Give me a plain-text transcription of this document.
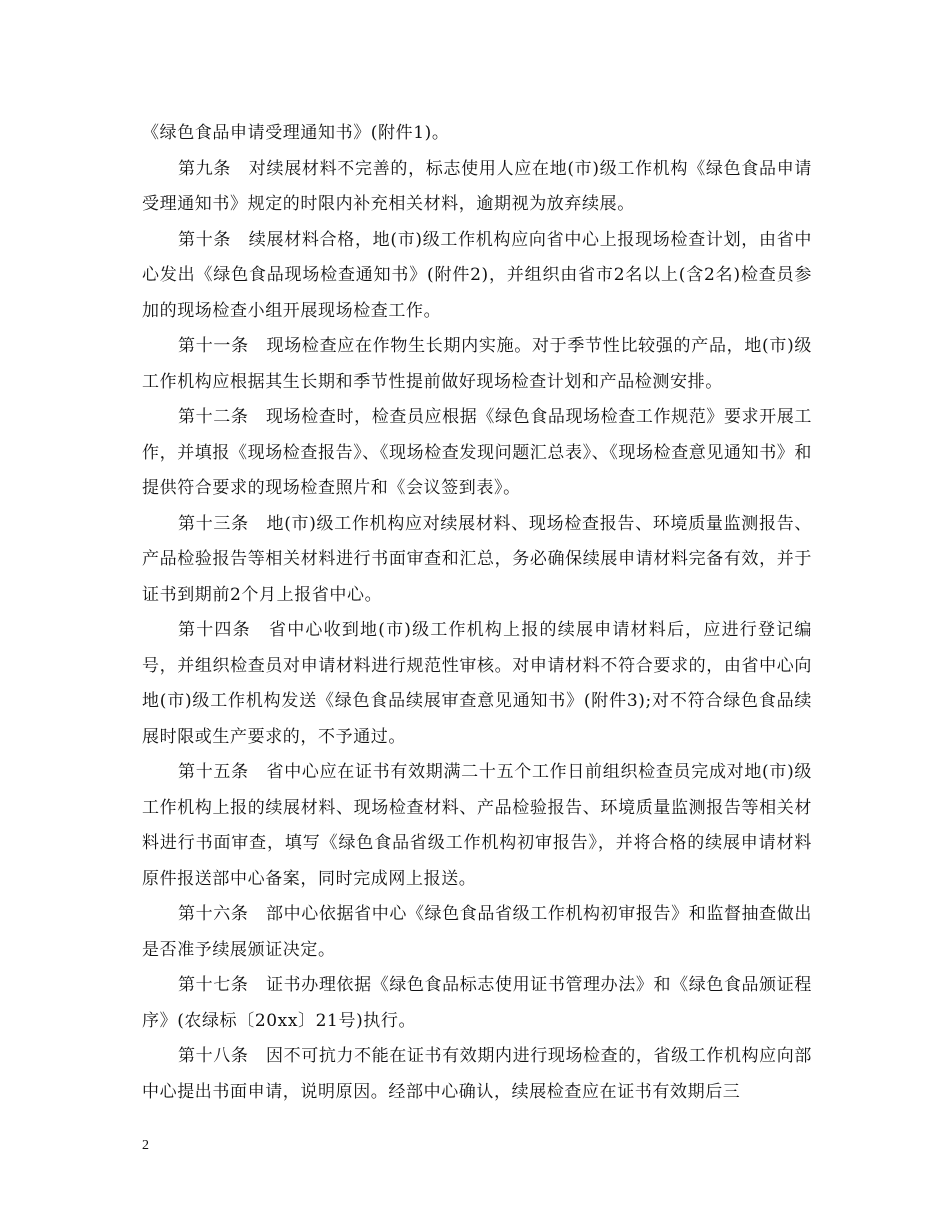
《绿色食品申请受理通知书》(附件1)。

第九条　对续展材料不完善的，标志使用人应在地(市)级工作机构《绿色食品申请受理通知书》规定的时限内补充相关材料，逾期视为放弃续展。

第十条　续展材料合格，地(市)级工作机构应向省中心上报现场检查计划，由省中心发出《绿色食品现场检查通知书》(附件2)，并组织由省市2名以上(含2名)检查员参加的现场检查小组开展现场检查工作。

第十一条　现场检查应在作物生长期内实施。对于季节性比较强的产品，地(市)级工作机构应根据其生长期和季节性提前做好现场检查计划和产品检测安排。

第十二条　现场检查时，检查员应根据《绿色食品现场检查工作规范》要求开展工作，并填报《现场检查报告》、《现场检查发现问题汇总表》、《现场检查意见通知书》和提供符合要求的现场检查照片和《会议签到表》。

第十三条　地(市)级工作机构应对续展材料、现场检查报告、环境质量监测报告、产品检验报告等相关材料进行书面审查和汇总，务必确保续展申请材料完备有效，并于证书到期前2个月上报省中心。

第十四条　省中心收到地(市)级工作机构上报的续展申请材料后，应进行登记编号，并组织检查员对申请材料进行规范性审核。对申请材料不符合要求的，由省中心向地(市)级工作机构发送《绿色食品续展审查意见通知书》(附件3);对不符合绿色食品续展时限或生产要求的，不予通过。

第十五条　省中心应在证书有效期满二十五个工作日前组织检查员完成对地(市)级工作机构上报的续展材料、现场检查材料、产品检验报告、环境质量监测报告等相关材料进行书面审查，填写《绿色食品省级工作机构初审报告》，并将合格的续展申请材料原件报送部中心备案，同时完成网上报送。

第十六条　部中心依据省中心《绿色食品省级工作机构初审报告》和监督抽查做出是否准予续展颁证决定。

第十七条　证书办理依据《绿色食品标志使用证书管理办法》和《绿色食品颁证程序》(农绿标〔20xx〕21号)执行。

第十八条　因不可抗力不能在证书有效期内进行现场检查的，省级工作机构应向部中心提出书面申请，说明原因。经部中心确认，续展检查应在证书有效期后三

2
